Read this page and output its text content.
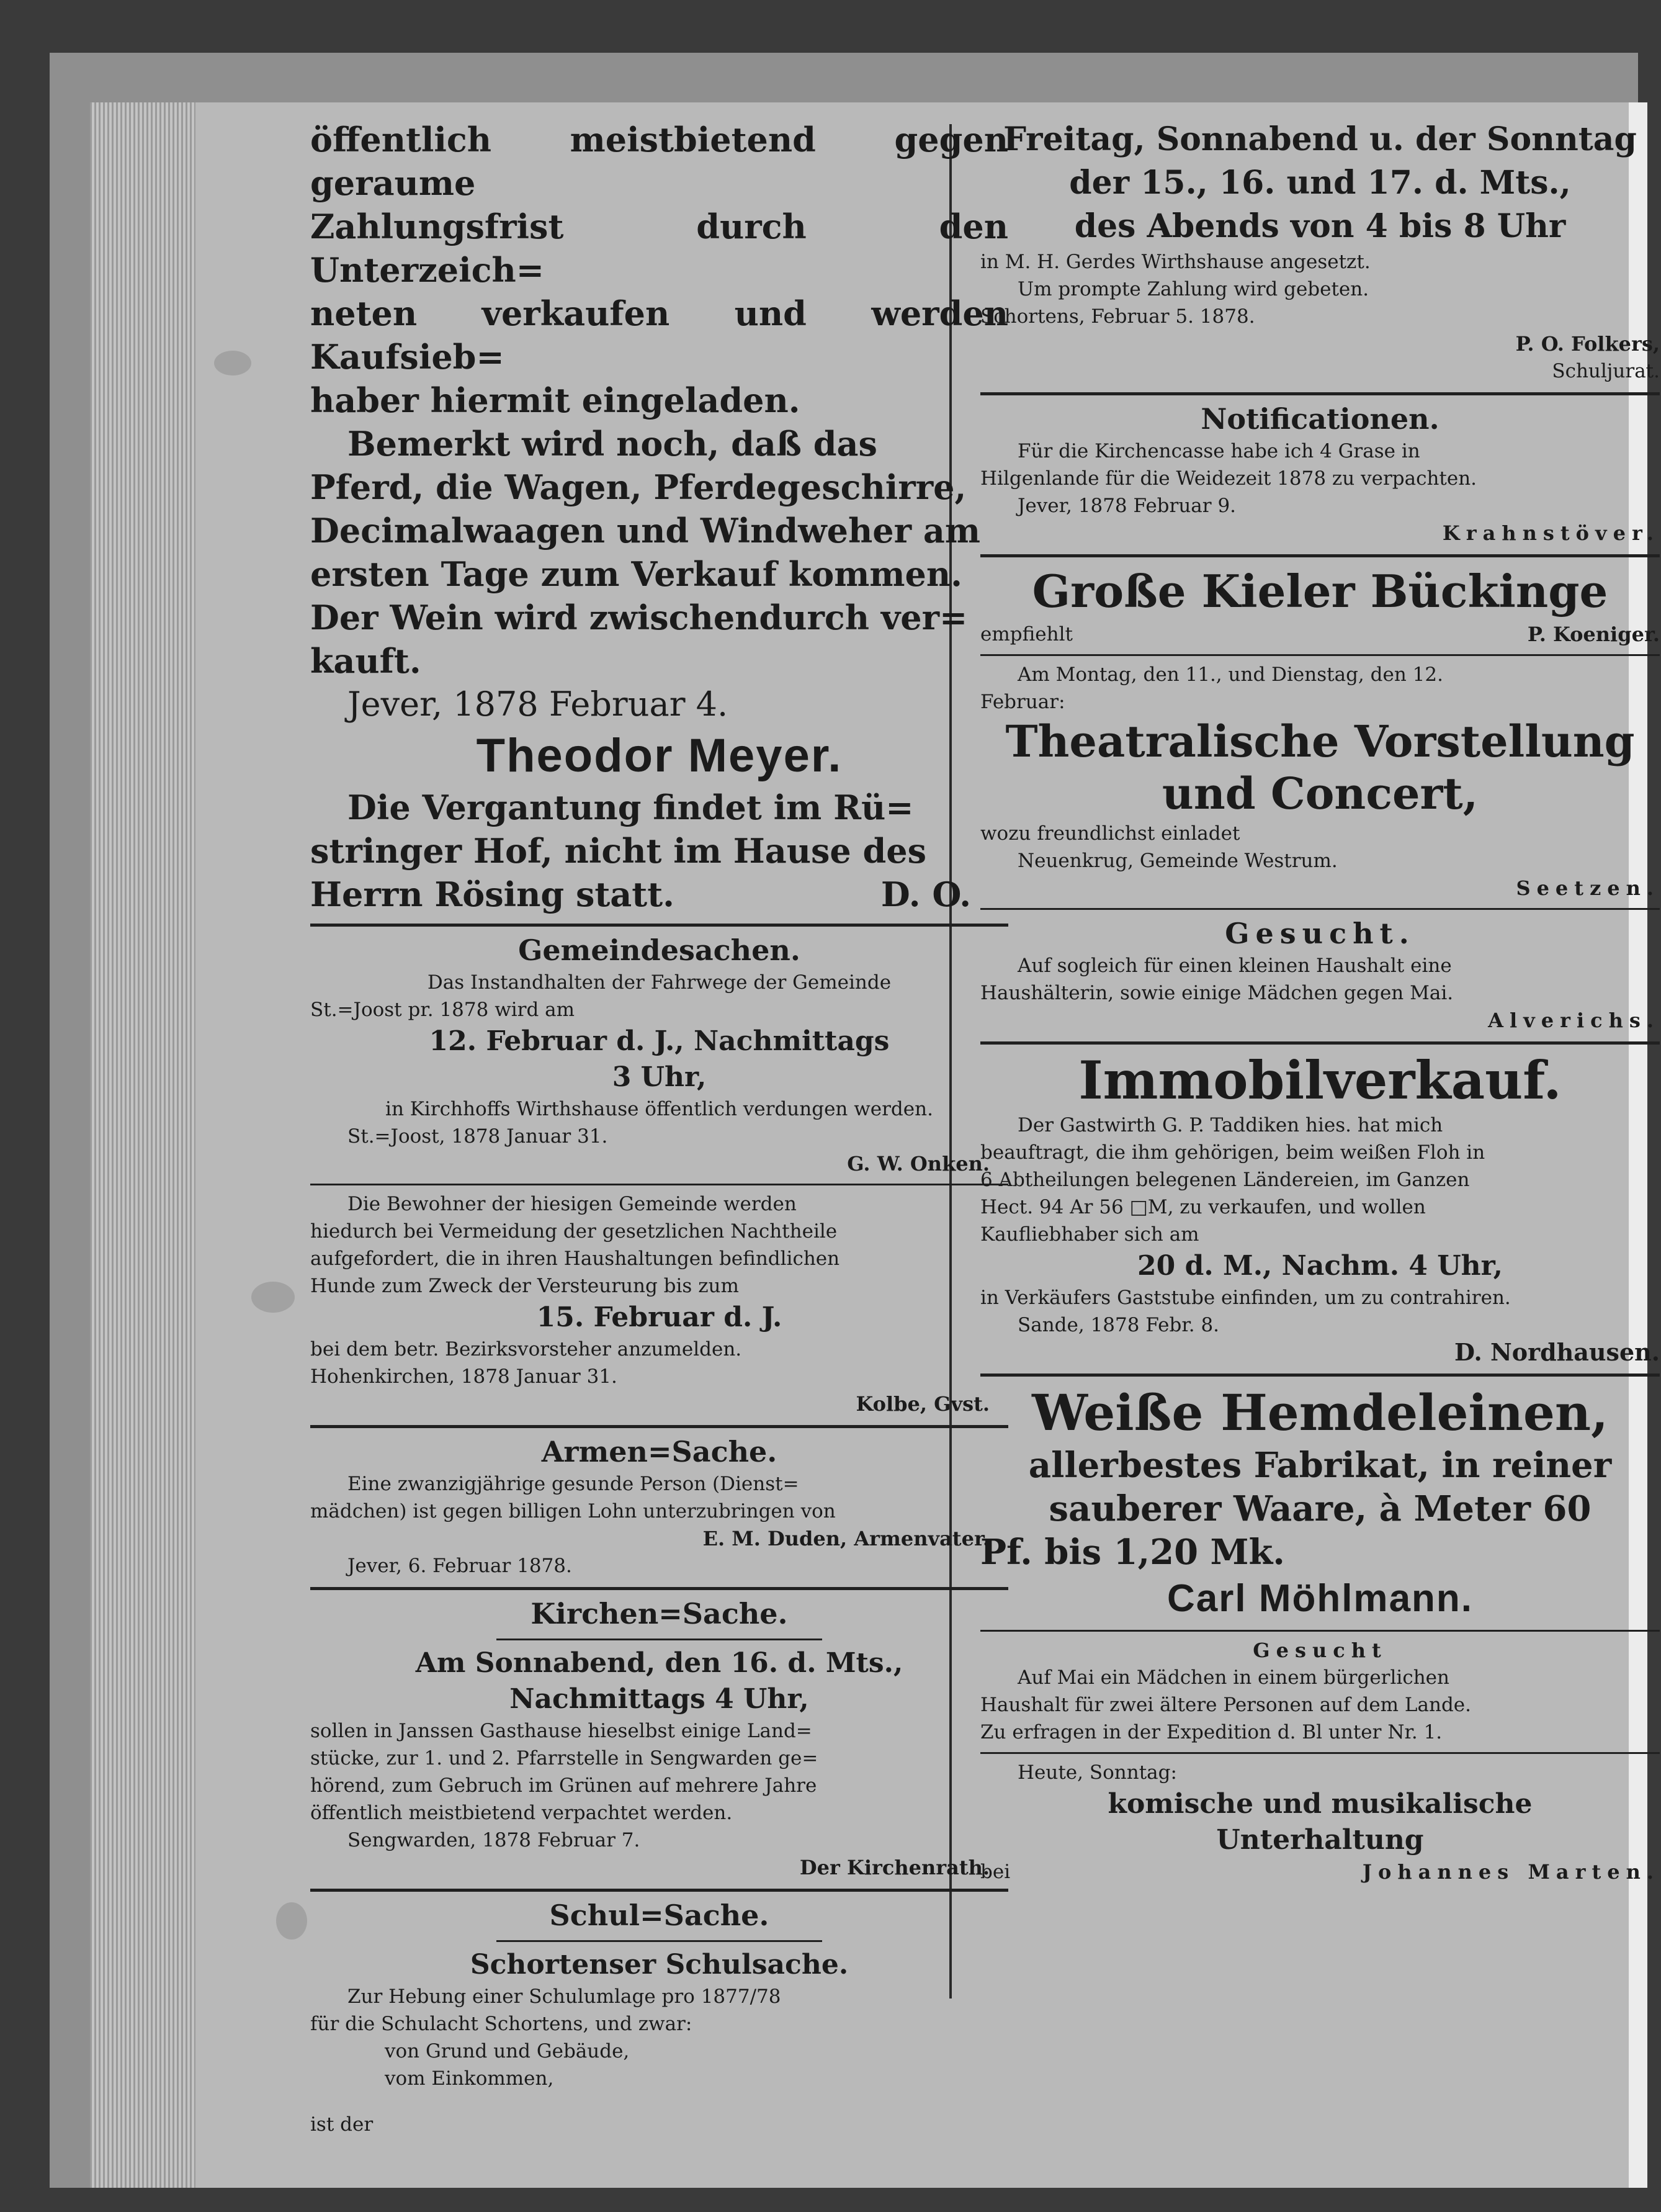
öffentlich meistbietend gegen geraume

Zahlungsfrist durch den Unterzeich=

neten verkaufen und werden Kaufsieb=

haber hiermit eingeladen.

Bemerkt wird noch, daß das

Pferd, die Wagen, Pferdegeschirre,

Decimalwaagen und Windweher am

ersten Tage zum Verkauf kommen.

Der Wein wird zwischendurch ver=

kauft.

Jever, 1878 Februar 4.

Theodor Meyer.

Die Vergantung findet im Rü=

stringer Hof, nicht im Hause des

Herrn Rösing statt.	D. O.
Gemeindesachen.

Das Instandhalten der Fahrwege der Gemeinde

St.=Joost pr. 1878 wird am

12. Februar d. J., Nachmittags

3 Uhr,

in Kirchhoffs Wirthshause öffentlich verdungen werden.

St.=Joost, 1878 Januar 31.

G. W. Onken.

Die Bewohner der hiesigen Gemeinde werden

hiedurch bei Vermeidung der gesetzlichen Nachtheile

aufgefordert, die in ihren Haushaltungen befindlichen

Hunde zum Zweck der Versteurung bis zum

15. Februar d. J.

bei dem betr. Bezirksvorsteher anzumelden.

Hohenkirchen, 1878 Januar 31.

Kolbe, Gvst.

Armen=Sache.

Eine zwanzigjährige gesunde Person (Dienst=

mädchen) ist gegen billigen Lohn unterzubringen von

E. M. Duden, Armenvater.

Jever, 6. Februar 1878.

Kirchen=Sache.

Am Sonnabend, den 16. d. Mts.,

Nachmittags 4 Uhr,

sollen in Janssen Gasthause hieselbst einige Land=

stücke, zur 1. und 2. Pfarrstelle in Sengwarden ge=

hörend, zum Gebruch im Grünen auf mehrere Jahre

öffentlich meistbietend verpachtet werden.

Sengwarden, 1878 Februar 7.

Der Kirchenrath.

Schul=Sache.

Schortenser Schulsache.

Zur Hebung einer Schulumlage pro 1877/78

für die Schulacht Schortens, und zwar:

von Grund und Gebäude,

vom Einkommen,

ist der

Freitag, Sonnabend u. der Sonntag

der 15., 16. und 17. d. Mts.,

des Abends von 4 bis 8 Uhr

in M. H. Gerdes Wirthshause angesetzt.

Um prompte Zahlung wird gebeten.

Schortens, Februar 5. 1878.

P. O. Folkers,

Schuljurat.

Notificationen.

Für die Kirchencasse habe ich 4 Grase in

Hilgenlande für die Weidezeit 1878 zu verpachten.

Jever, 1878 Februar 9.

Krahnstöver.

Große Kieler Bückinge

empfiehlt	P. Koeniger.

Am Montag, den 11., und Dienstag, den 12.

Februar:

Theatralische Vorstellung

und Concert,

wozu freundlichst einladet

Neuenkrug, Gemeinde Westrum.

Seetzen.

Gesucht.

Auf sogleich für einen kleinen Haushalt eine

Haushälterin, sowie einige Mädchen gegen Mai.

Alverichs.

Immobilverkauf.

Der Gastwirth G. P. Taddiken hies. hat mich

beauftragt, die ihm gehörigen, beim weißen Floh in

6 Abtheilungen belegenen Ländereien, im Ganzen

Hect. 94 Ar 56 □M, zu verkaufen, und wollen

Kaufliebhaber sich am

20 d. M., Nachm. 4 Uhr,

in Verkäufers Gaststube einfinden, um zu contrahiren.

Sande, 1878 Febr. 8.

D. Nordhausen.

Weiße Hemdeleinen,

allerbestes Fabrikat, in reiner

sauberer Waare, à Meter 60

Pf. bis 1,20 Mk.

Carl Möhlmann.

Gesucht

Auf Mai ein Mädchen in einem bürgerlichen

Haushalt für zwei ältere Personen auf dem Lande.

Zu erfragen in der Expedition d. Bl unter Nr. 1.

Heute, Sonntag:

komische und musikalische

Unterhaltung

bei	Johannes Marten.
